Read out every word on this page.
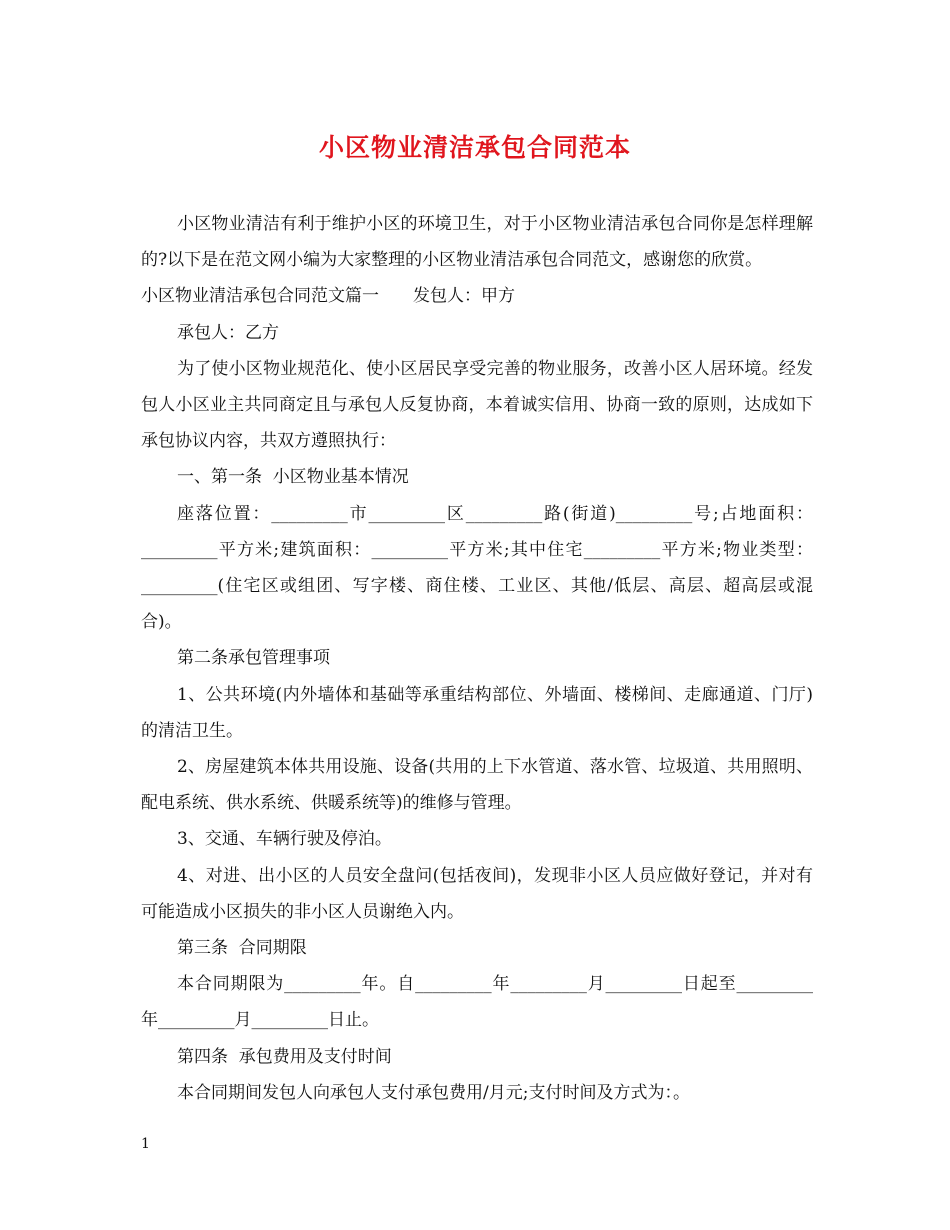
小区物业清洁承包合同范本

小区物业清洁有利于维护小区的环境卫生，对于小区物业清洁承包合同你是怎样理解的?以下是在范文网小编为大家整理的小区物业清洁承包合同范文，感谢您的欣赏。

小区物业清洁承包合同范文篇一　　发包人：甲方

承包人：乙方

为了使小区物业规范化、使小区居民享受完善的物业服务，改善小区人居环境。经发包人小区业主共同商定且与承包人反复协商，本着诚实信用、协商一致的原则，达成如下承包协议内容，共双方遵照执行：

一、第一条  小区物业基本情况

座落位置：_________市_________区_________路(街道)_________号;占地面积：_________平方米;建筑面积：_________平方米;其中住宅_________平方米;物业类型：_________(住宅区或组团、写字楼、商住楼、工业区、其他/低层、高层、超高层或混合)。

第二条承包管理事项

1、公共环境(内外墙体和基础等承重结构部位、外墙面、楼梯间、走廊通道、门厅)的清洁卫生。

2、房屋建筑本体共用设施、设备(共用的上下水管道、落水管、垃圾道、共用照明、配电系统、供水系统、供暖系统等)的维修与管理。

3、交通、车辆行驶及停泊。

4、对进、出小区的人员安全盘问(包括夜间)，发现非小区人员应做好登记，并对有可能造成小区损失的非小区人员谢绝入内。

第三条  合同期限

本合同期限为_________年。自_________年_________月_________日起至_________年_________月_________日止。

第四条  承包费用及支付时间

本合同期间发包人向承包人支付承包费用/月元;支付时间及方式为：。

1
